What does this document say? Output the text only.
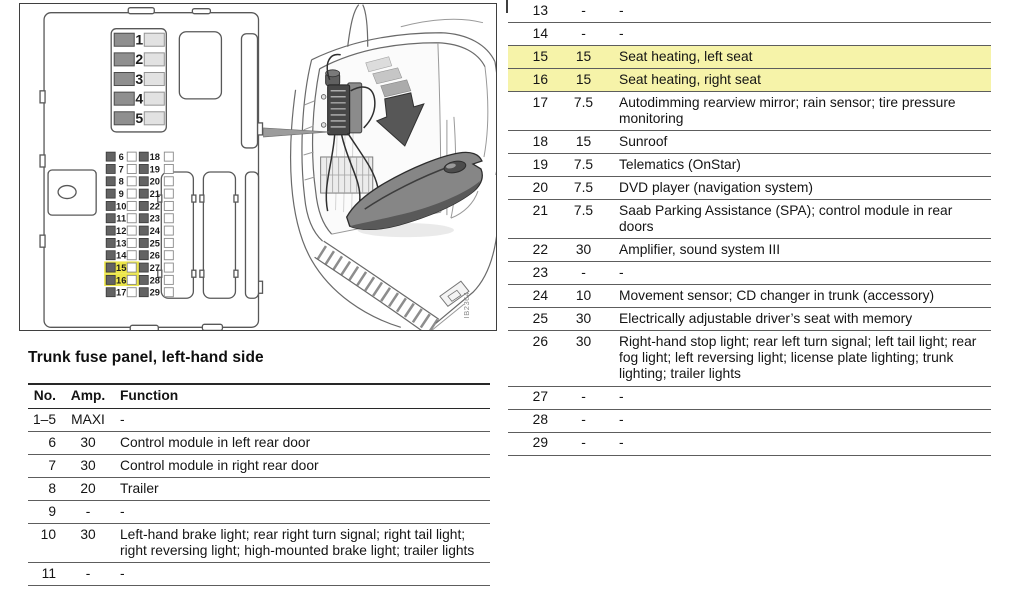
1
2
3
4
5
6
7
8
9
10
11
12
13
14
15
16
17
18
19
20
21
22
23
24
25
26
27
28
29	IB2364
Trunk fuse panel, left-hand side
No.	Amp.	Function
1–5	MAXI	-
6	30	Control module in left rear door
7	30	Control module in right rear door
8	20	Trailer
9	-	-
10	30	Left-hand brake light; rear right turn signal; right tail light; right reversing light; high-mounted brake light; trailer lights
11	-	-
13	-	-
14	-	-
15	15	Seat heating, left seat
16	15	Seat heating, right seat
17	7.5	Autodimming rearview mirror; rain sensor; tire pressure monitoring
18	15	Sunroof
19	7.5	Telematics (OnStar)
20	7.5	DVD player (navigation system)
21	7.5	Saab Parking Assistance (SPA); control module in rear doors
22	30	Amplifier, sound system III
23	-	-
24	10	Movement sensor; CD changer in trunk (accessory)
25	30	Electrically adjustable driver’s seat with memory
26	30	Right-hand stop light; rear left turn signal; left tail light; rear fog light; left reversing light; license plate lighting; trunk lighting; trailer lights
27	-	-
28	-	-
29	-	-
